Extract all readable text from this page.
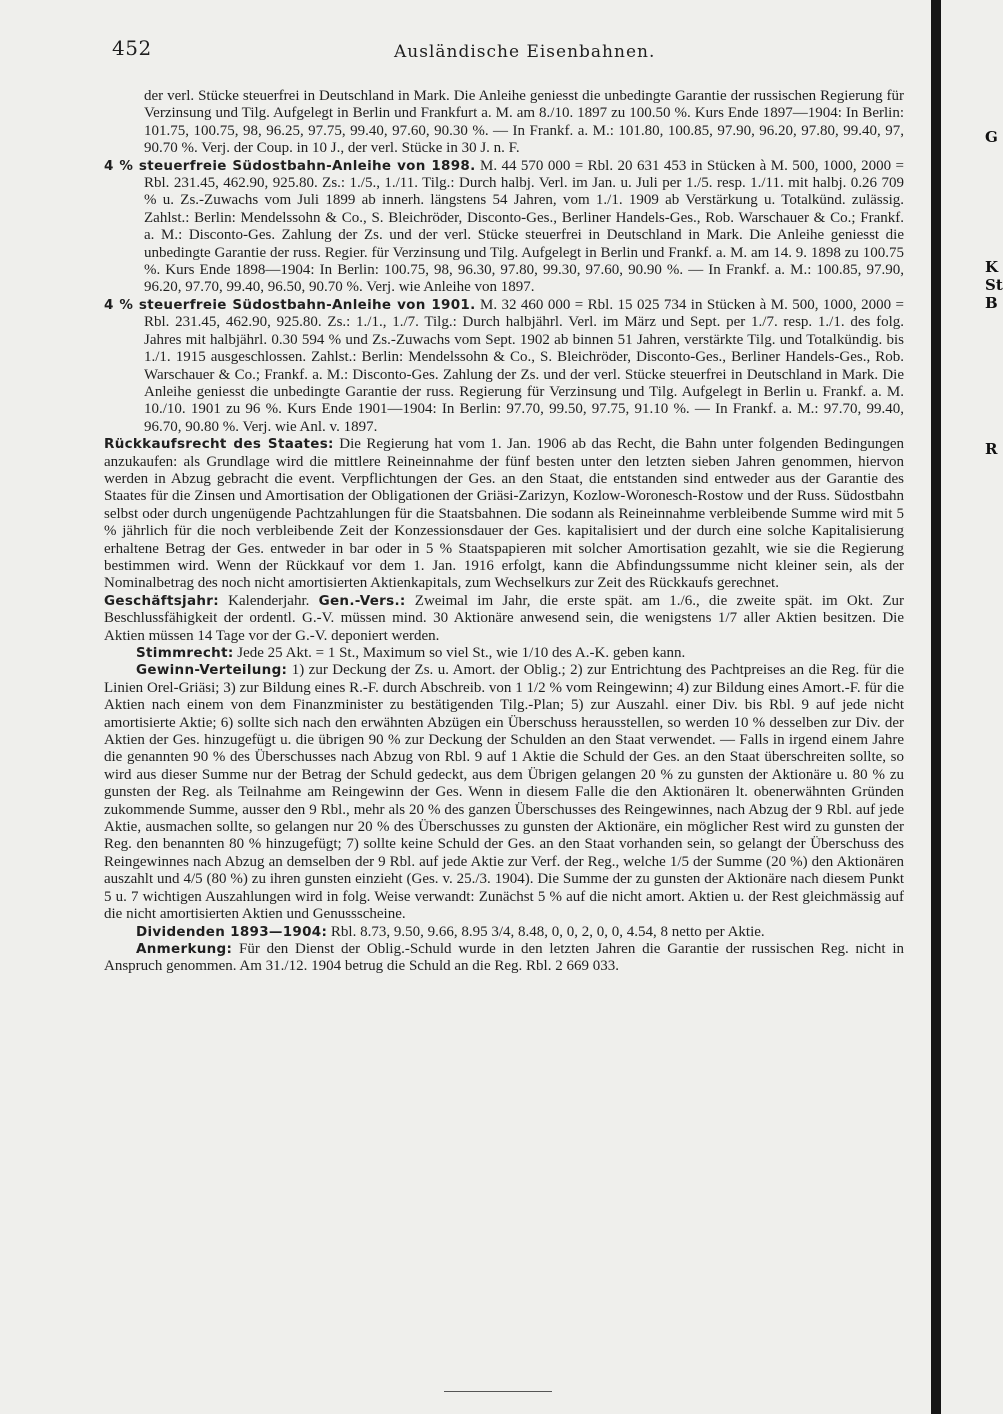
452	Ausländische Eisenbahnen.

der verl. Stücke steuerfrei in Deutschland in Mark. Die Anleihe geniesst die unbedingte Garantie der russischen Regierung für Verzinsung und Tilg. Aufgelegt in Berlin und Frankfurt a. M. am 8./10. 1897 zu 100.50 %. Kurs Ende 1897—1904: In Berlin: 101.75, 100.75, 98, 96.25, 97.75, 99.40, 97.60, 90.30 %. — In Frankf. a. M.: 101.80, 100.85, 97.90, 96.20, 97.80, 99.40, 97, 90.70 %. Verj. der Coup. in 10 J., der verl. Stücke in 30 J. n. F.

4 % steuerfreie Südostbahn-Anleihe von 1898. M. 44 570 000 = Rbl. 20 631 453 in Stücken à M. 500, 1000, 2000 = Rbl. 231.45, 462.90, 925.80. Zs.: 1./5., 1./11. Tilg.: Durch halbj. Verl. im Jan. u. Juli per 1./5. resp. 1./11. mit halbj. 0.26 709 % u. Zs.-Zuwachs vom Juli 1899 ab innerh. längstens 54 Jahren, vom 1./1. 1909 ab Verstärkung u. Totalkünd. zulässig. Zahlst.: Berlin: Mendelssohn & Co., S. Bleichröder, Disconto-Ges., Berliner Handels-Ges., Rob. Warschauer & Co.; Frankf. a. M.: Disconto-Ges. Zahlung der Zs. und der verl. Stücke steuerfrei in Deutschland in Mark. Die Anleihe geniesst die unbedingte Garantie der russ. Regier. für Verzinsung und Tilg. Aufgelegt in Berlin und Frankf. a. M. am 14. 9. 1898 zu 100.75 %. Kurs Ende 1898—1904: In Berlin: 100.75, 98, 96.30, 97.80, 99.30, 97.60, 90.90 %. — In Frankf. a. M.: 100.85, 97.90, 96.20, 97.70, 99.40, 96.50, 90.70 %. Verj. wie Anleihe von 1897.

4 % steuerfreie Südostbahn-Anleihe von 1901. M. 32 460 000 = Rbl. 15 025 734 in Stücken à M. 500, 1000, 2000 = Rbl. 231.45, 462.90, 925.80. Zs.: 1./1., 1./7. Tilg.: Durch halbjährl. Verl. im März und Sept. per 1./7. resp. 1./1. des folg. Jahres mit halbjährl. 0.30 594 % und Zs.-Zuwachs vom Sept. 1902 ab binnen 51 Jahren, verstärkte Tilg. und Totalkündig. bis 1./1. 1915 ausgeschlossen. Zahlst.: Berlin: Mendelssohn & Co., S. Bleichröder, Disconto-Ges., Berliner Handels-Ges., Rob. Warschauer & Co.; Frankf. a. M.: Disconto-Ges. Zahlung der Zs. und der verl. Stücke steuerfrei in Deutschland in Mark. Die Anleihe geniesst die unbedingte Garantie der russ. Regierung für Verzinsung und Tilg. Aufgelegt in Berlin u. Frankf. a. M. 10./10. 1901 zu 96 %. Kurs Ende 1901—1904: In Berlin: 97.70, 99.50, 97.75, 91.10 %. — In Frankf. a. M.: 97.70, 99.40, 96.70, 90.80 %. Verj. wie Anl. v. 1897.

Rückkaufsrecht des Staates: Die Regierung hat vom 1. Jan. 1906 ab das Recht, die Bahn unter folgenden Bedingungen anzukaufen: als Grundlage wird die mittlere Reineinnahme der fünf besten unter den letzten sieben Jahren genommen, hiervon werden in Abzug gebracht die event. Verpflichtungen der Ges. an den Staat, die entstanden sind entweder aus der Garantie des Staates für die Zinsen und Amortisation der Obligationen der Griäsi-Zarizyn, Kozlow-Woronesch-Rostow und der Russ. Südostbahn selbst oder durch ungenügende Pachtzahlungen für die Staatsbahnen. Die sodann als Reineinnahme verbleibende Summe wird mit 5 % jährlich für die noch verbleibende Zeit der Konzessionsdauer der Ges. kapitalisiert und der durch eine solche Kapitalisierung erhaltene Betrag der Ges. entweder in bar oder in 5 % Staatspapieren mit solcher Amortisation gezahlt, wie sie die Regierung bestimmen wird. Wenn der Rückkauf vor dem 1. Jan. 1916 erfolgt, kann die Abfindungssumme nicht kleiner sein, als der Nominalbetrag des noch nicht amortisierten Aktienkapitals, zum Wechselkurs zur Zeit des Rückkaufs gerechnet.

Geschäftsjahr: Kalenderjahr. Gen.-Vers.: Zweimal im Jahr, die erste spät. am 1./6., die zweite spät. im Okt. Zur Beschlussfähigkeit der ordentl. G.-V. müssen mind. 30 Aktionäre anwesend sein, die wenigstens 1/7 aller Aktien besitzen. Die Aktien müssen 14 Tage vor der G.-V. deponiert werden.

Stimmrecht: Jede 25 Akt. = 1 St., Maximum so viel St., wie 1/10 des A.-K. geben kann.

Gewinn-Verteilung: 1) zur Deckung der Zs. u. Amort. der Oblig.; 2) zur Entrichtung des Pachtpreises an die Reg. für die Linien Orel-Griäsi; 3) zur Bildung eines R.-F. durch Abschreib. von 1 1/2 % vom Reingewinn; 4) zur Bildung eines Amort.-F. für die Aktien nach einem von dem Finanzminister zu bestätigenden Tilg.-Plan; 5) zur Auszahl. einer Div. bis Rbl. 9 auf jede nicht amortisierte Aktie; 6) sollte sich nach den erwähnten Abzügen ein Überschuss herausstellen, so werden 10 % desselben zur Div. der Aktien der Ges. hinzugefügt u. die übrigen 90 % zur Deckung der Schulden an den Staat verwendet. — Falls in irgend einem Jahre die genannten 90 % des Überschusses nach Abzug von Rbl. 9 auf 1 Aktie die Schuld der Ges. an den Staat überschreiten sollte, so wird aus dieser Summe nur der Betrag der Schuld gedeckt, aus dem Übrigen gelangen 20 % zu gunsten der Aktionäre u. 80 % zu gunsten der Reg. als Teilnahme am Reingewinn der Ges. Wenn in diesem Falle die den Aktionären lt. obenerwähnten Gründen zukommende Summe, ausser den 9 Rbl., mehr als 20 % des ganzen Überschusses des Reingewinnes, nach Abzug der 9 Rbl. auf jede Aktie, ausmachen sollte, so gelangen nur 20 % des Überschusses zu gunsten der Aktionäre, ein möglicher Rest wird zu gunsten der Reg. den benannten 80 % hinzugefügt; 7) sollte keine Schuld der Ges. an den Staat vorhanden sein, so gelangt der Überschuss des Reingewinnes nach Abzug an demselben der 9 Rbl. auf jede Aktie zur Verf. der Reg., welche 1/5 der Summe (20 %) den Aktionären auszahlt und 4/5 (80 %) zu ihren gunsten einzieht (Ges. v. 25./3. 1904). Die Summe der zu gunsten der Aktionäre nach diesem Punkt 5 u. 7 wichtigen Auszahlungen wird in folg. Weise verwandt: Zunächst 5 % auf die nicht amort. Aktien u. der Rest gleichmässig auf die nicht amortisierten Aktien und Genussscheine.

Dividenden 1893—1904: Rbl. 8.73, 9.50, 9.66, 8.95 3/4, 8.48, 0, 0, 2, 0, 0, 4.54, 8 netto per Aktie.

Anmerkung: Für den Dienst der Oblig.-Schuld wurde in den letzten Jahren die Garantie der russischen Reg. nicht in Anspruch genommen. Am 31./12. 1904 betrug die Schuld an die Reg. Rbl. 2 669 033.

G
K
St
B
R
